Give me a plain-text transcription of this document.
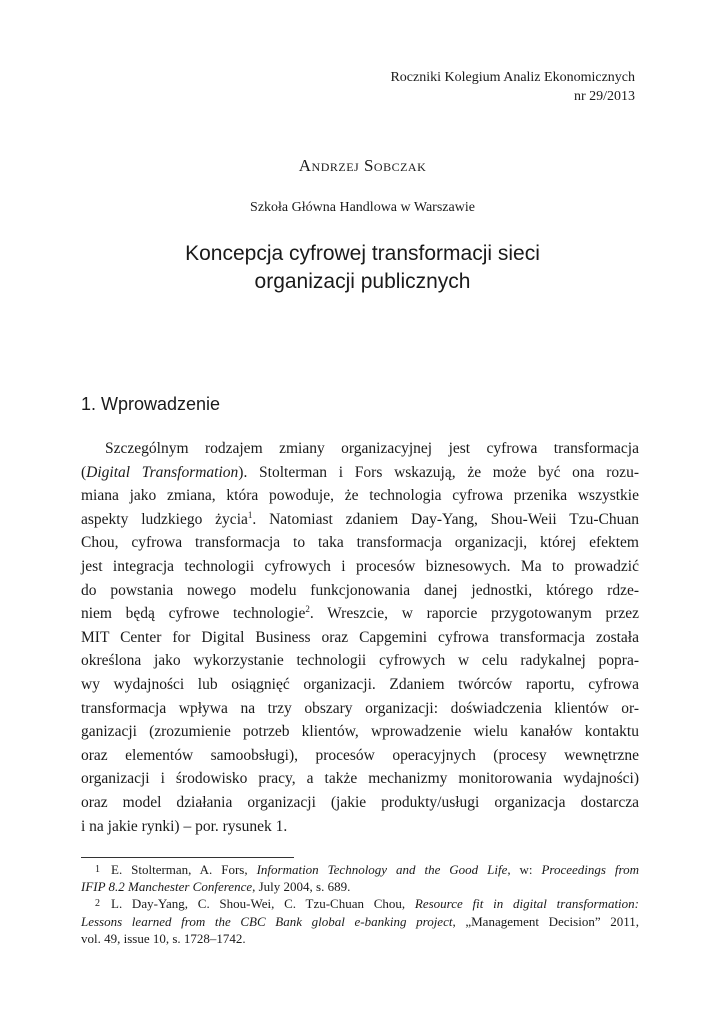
Roczniki Kolegium Analiz Ekonomicznych
nr 29/2013
Andrzej Sobczak
Szkoła Główna Handlowa w Warszawie
Koncepcja cyfrowej transformacji sieci
organizacji publicznych
1. Wprowadzenie
Szczególnym rodzajem zmiany organizacyjnej jest cyfrowa transformacja
(Digital Transformation). Stolterman i Fors wskazują, że może być ona rozu-
miana jako zmiana, która powoduje, że technologia cyfrowa przenika wszystkie
aspekty ludzkiego życia$^1$. Natomiast zdaniem Day-Yang, Shou-Weii Tzu-Chuan
Chou, cyfrowa transformacja to taka transformacja organizacji, której efektem
jest integracja technologii cyfrowych i procesów biznesowych. Ma to prowadzić
do powstania nowego modelu funkcjonowania danej jednostki, którego rdze-
niem będą cyfrowe technologie$^2$. Wreszcie, w raporcie przygotowanym przez
MIT Center for Digital Business oraz Capgemini cyfrowa transformacja została
określona jako wykorzystanie technologii cyfrowych w celu radykalnej popra-
wy wydajności lub osiągnięć organizacji. Zdaniem twórców raportu, cyfrowa
transformacja wpływa na trzy obszary organizacji: doświadczenia klientów or-
ganizacji (zrozumienie potrzeb klientów, wprowadzenie wielu kanałów kontaktu
oraz elementów samoobsługi), procesów operacyjnych (procesy wewnętrzne
organizacji i środowisko pracy, a także mechanizmy monitorowania wydajności)
oraz model działania organizacji (jakie produkty/usługi organizacja dostarcza
i na jakie rynki) – por. rysunek 1.
1 E. Stolterman, A. Fors, Information Technology and the Good Life, w: Proceedings from
IFIP 8.2 Manchester Conference, July 2004, s. 689.
2 L. Day-Yang, C. Shou-Wei, C. Tzu-Chuan Chou, Resource fit in digital transformation:
Lessons learned from the CBC Bank global e-banking project, „Management Decision” 2011,
vol. 49, issue 10, s. 1728–1742.
